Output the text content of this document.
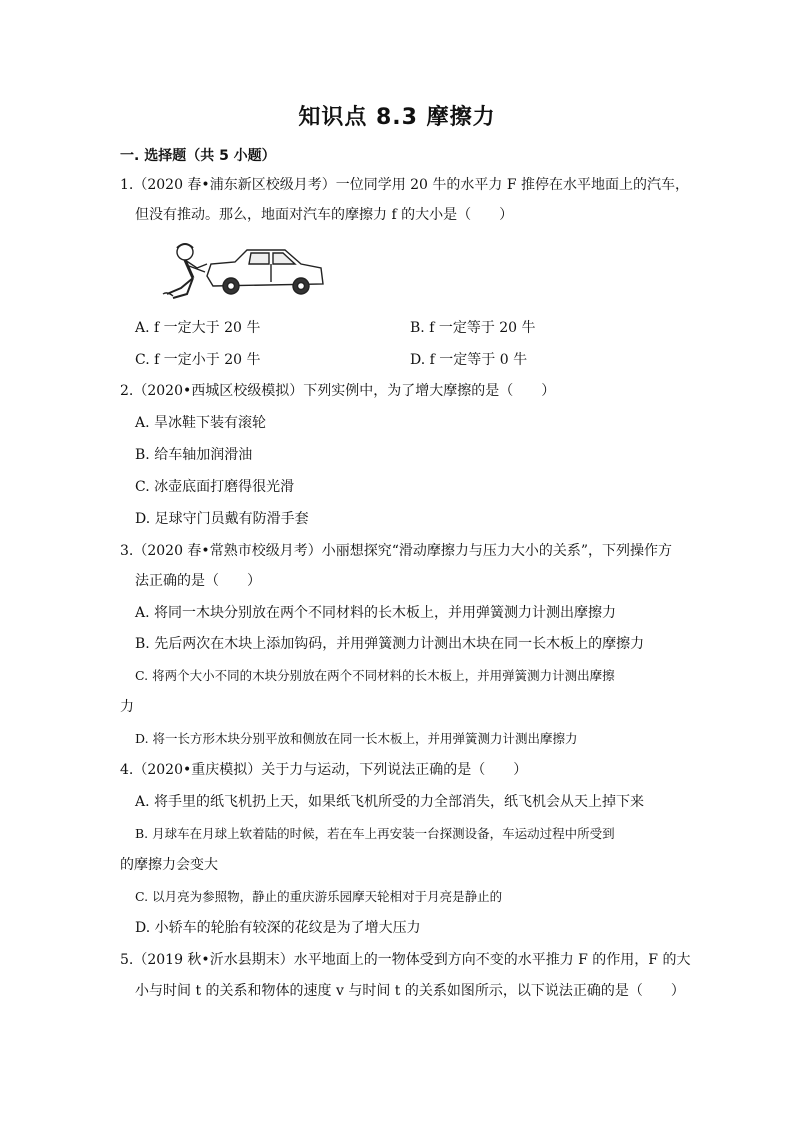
知识点 8.3 摩擦力
一. 选择题（共 5 小题）
1.（2020 春•浦东新区校级月考）一位同学用 20 牛的水平力 F 推停在水平地面上的汽车，
但没有推动。那么，地面对汽车的摩擦力 f 的大小是（　　）
A. f 一定大于 20 牛	B. f 一定等于 20 牛
C. f 一定小于 20 牛	D. f 一定等于 0 牛
2.（2020•西城区校级模拟）下列实例中，为了增大摩擦的是（　　）
A. 旱冰鞋下装有滚轮
B. 给车轴加润滑油
C. 冰壶底面打磨得很光滑
D. 足球守门员戴有防滑手套
3.（2020 春•常熟市校级月考）小丽想探究“滑动摩擦力与压力大小的关系”，下列操作方
法正确的是（　　）
A. 将同一木块分别放在两个不同材料的长木板上，并用弹簧测力计测出摩擦力
B. 先后两次在木块上添加钩码，并用弹簧测力计测出木块在同一长木板上的摩擦力
C. 将两个大小不同的木块分别放在两个不同材料的长木板上，并用弹簧测力计测出摩擦
力
D. 将一长方形木块分别平放和侧放在同一长木板上，并用弹簧测力计测出摩擦力
4.（2020•重庆模拟）关于力与运动，下列说法正确的是（　　）
A. 将手里的纸飞机扔上天，如果纸飞机所受的力全部消失，纸飞机会从天上掉下来
B. 月球车在月球上软着陆的时候，若在车上再安装一台探测设备，车运动过程中所受到
的摩擦力会变大
C. 以月亮为参照物，静止的重庆游乐园摩天轮相对于月亮是静止的
D. 小轿车的轮胎有较深的花纹是为了增大压力
5.（2019 秋•沂水县期末）水平地面上的一物体受到方向不变的水平推力 F 的作用，F 的大
小与时间 t 的关系和物体的速度 v 与时间 t 的关系如图所示，以下说法正确的是（　　）
